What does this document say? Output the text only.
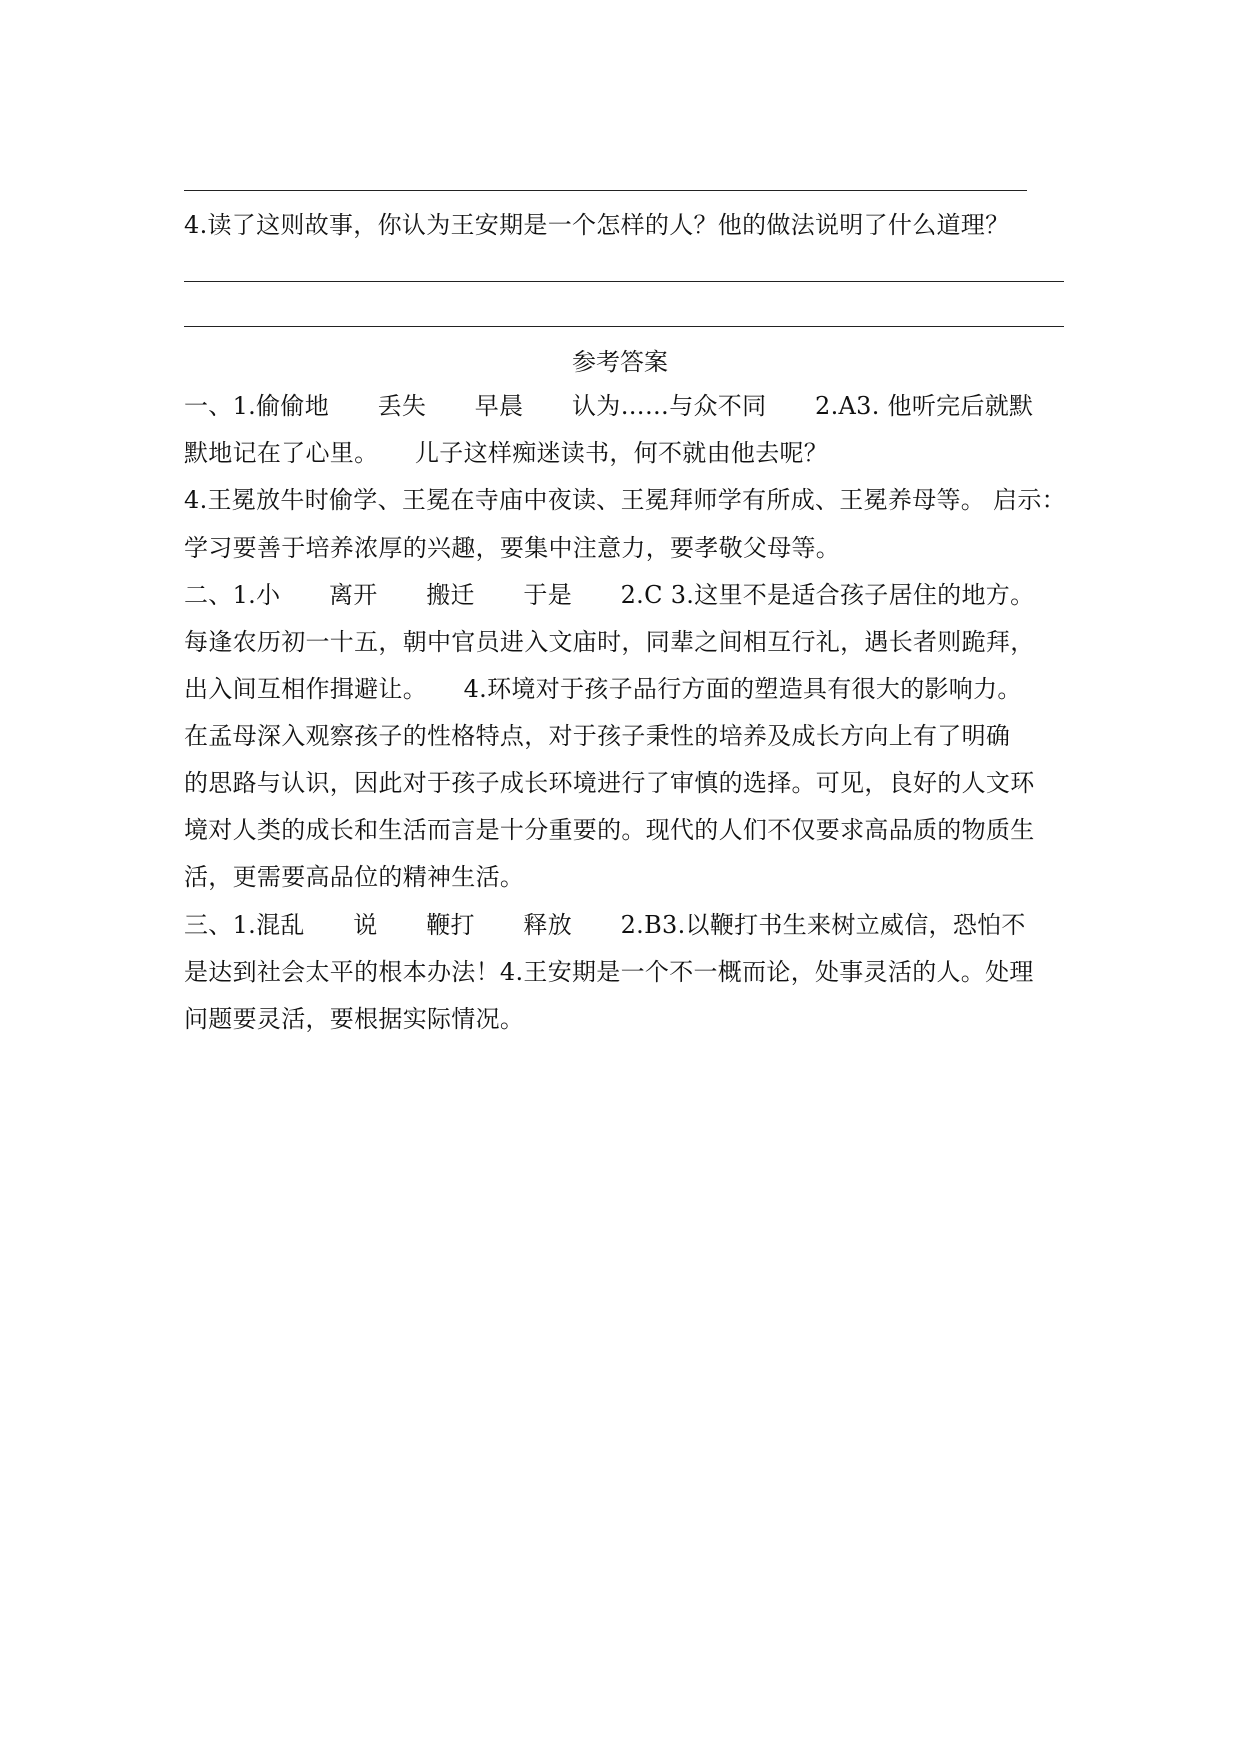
4.读了这则故事，你认为王安期是一个怎样的人？他的做法说明了什么道理？
参考答案
一、1.偷偷地　　丢失　　早晨　　认为……与众不同　　2.A3. 他听完后就默
默地记在了心里。　　儿子这样痴迷读书，何不就由他去呢？
4.王冕放牛时偷学、王冕在寺庙中夜读、王冕拜师学有所成、王冕养母等。 启示：
学习要善于培养浓厚的兴趣，要集中注意力，要孝敬父母等。
二、1.小　　离开　　搬迁　　于是　　2.C 3.这里不是适合孩子居住的地方。
每逢农历初一十五，朝中官员进入文庙时，同辈之间相互行礼，遇长者则跪拜，
出入间互相作揖避让。　　4.环境对于孩子品行方面的塑造具有很大的影响力。
在孟母深入观察孩子的性格特点，对于孩子秉性的培养及成长方向上有了明确
的思路与认识，因此对于孩子成长环境进行了审慎的选择。可见，良好的人文环
境对人类的成长和生活而言是十分重要的。现代的人们不仅要求高品质的物质生
活，更需要高品位的精神生活。
三、1.混乱　　说　　鞭打　　释放　　2.B3.以鞭打书生来树立威信，恐怕不
是达到社会太平的根本办法！4.王安期是一个不一概而论，处事灵活的人。处理
问题要灵活，要根据实际情况。
